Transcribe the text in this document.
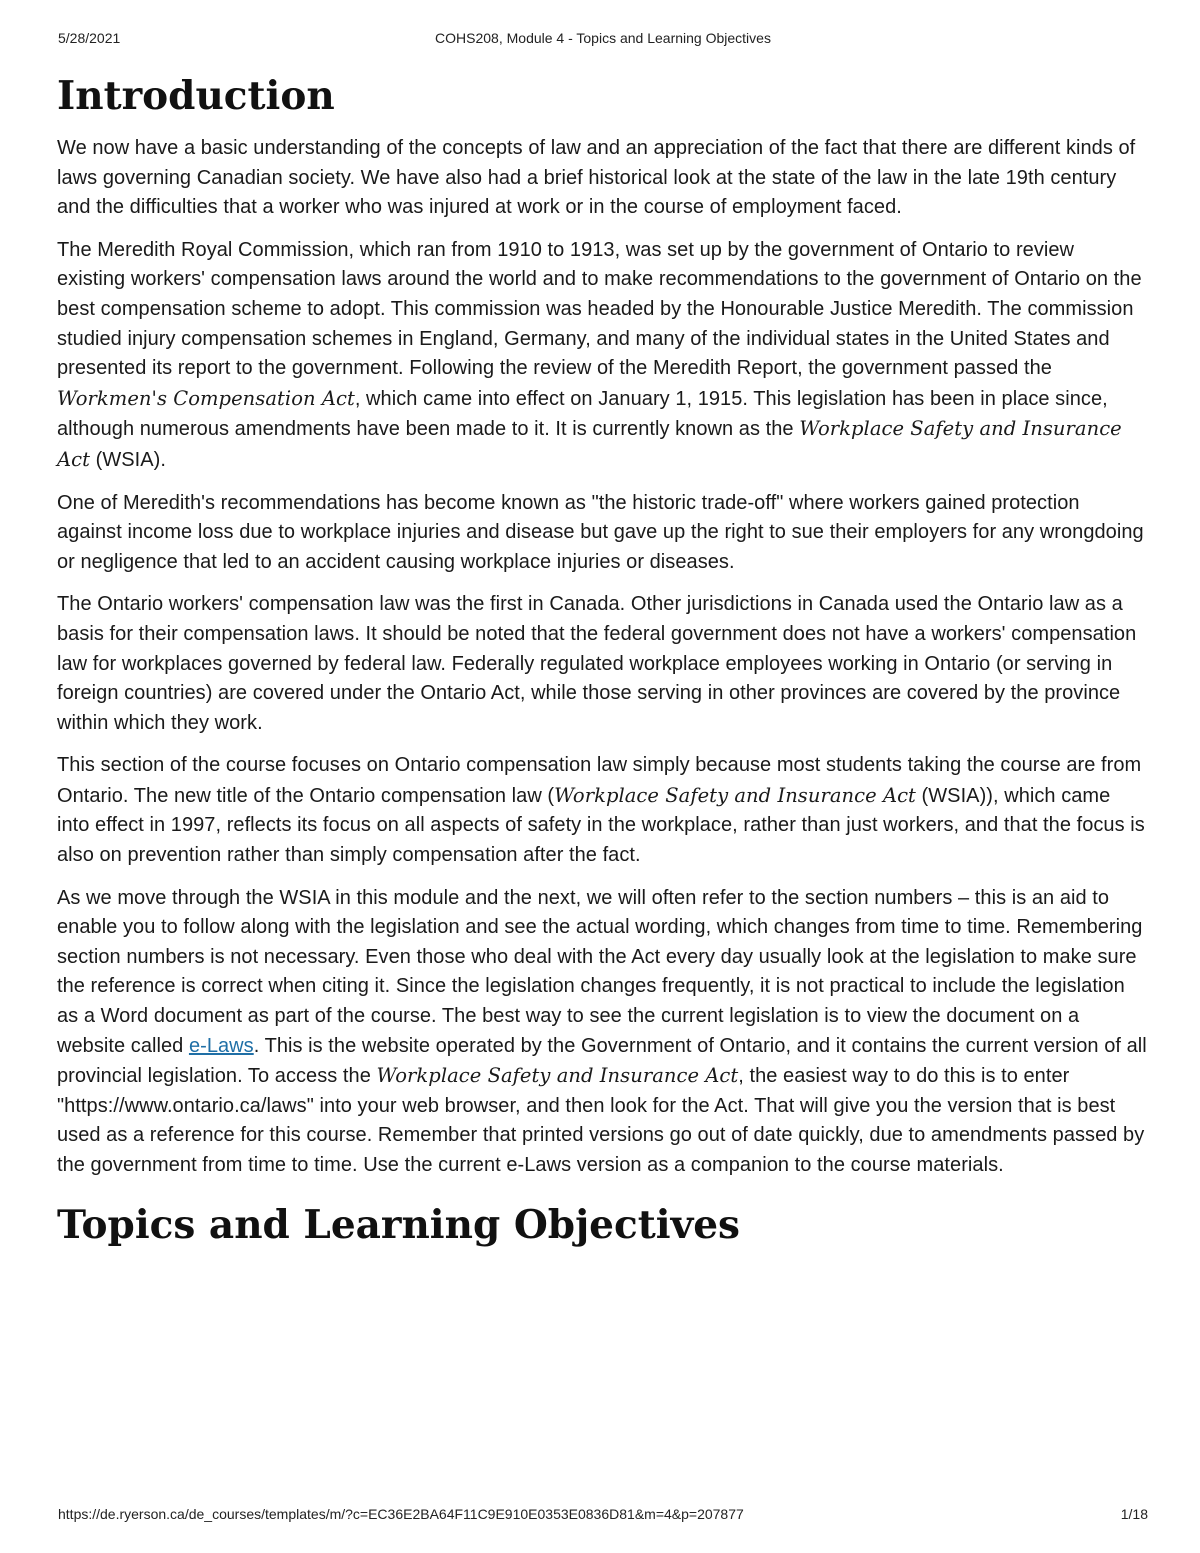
5/28/2021	COHS208, Module 4 - Topics and Learning Objectives
Introduction

We now have a basic understanding of the concepts of law and an appreciation of the fact that there are different kinds of laws governing Canadian society. We have also had a brief historical look at the state of the law in the late 19th century and the difficulties that a worker who was injured at work or in the course of employment faced.

The Meredith Royal Commission, which ran from 1910 to 1913, was set up by the government of Ontario to review existing workers' compensation laws around the world and to make recommendations to the government of Ontario on the best compensation scheme to adopt. This commission was headed by the Honourable Justice Meredith. The commission studied injury compensation schemes in England, Germany, and many of the individual states in the United States and presented its report to the government. Following the review of the Meredith Report, the government passed the Workmen's Compensation Act, which came into effect on January 1, 1915. This legislation has been in place since, although numerous amendments have been made to it. It is currently known as the Workplace Safety and Insurance Act (WSIA).

One of Meredith's recommendations has become known as "the historic trade-off" where workers gained protection against income loss due to workplace injuries and disease but gave up the right to sue their employers for any wrongdoing or negligence that led to an accident causing workplace injuries or diseases.

The Ontario workers' compensation law was the first in Canada. Other jurisdictions in Canada used the Ontario law as a basis for their compensation laws. It should be noted that the federal government does not have a workers' compensation law for workplaces governed by federal law. Federally regulated workplace employees working in Ontario (or serving in foreign countries) are covered under the Ontario Act, while those serving in other provinces are covered by the province within which they work.

This section of the course focuses on Ontario compensation law simply because most students taking the course are from Ontario. The new title of the Ontario compensation law (Workplace Safety and Insurance Act (WSIA)), which came into effect in 1997, reflects its focus on all aspects of safety in the workplace, rather than just workers, and that the focus is also on prevention rather than simply compensation after the fact.

As we move through the WSIA in this module and the next, we will often refer to the section numbers – this is an aid to enable you to follow along with the legislation and see the actual wording, which changes from time to time. Remembering section numbers is not necessary. Even those who deal with the Act every day usually look at the legislation to make sure the reference is correct when citing it. Since the legislation changes frequently, it is not practical to include the legislation as a Word document as part of the course. The best way to see the current legislation is to view the document on a website called e-Laws. This is the website operated by the Government of Ontario, and it contains the current version of all provincial legislation. To access the Workplace Safety and Insurance Act, the easiest way to do this is to enter "https://www.ontario.ca/laws" into your web browser, and then look for the Act. That will give you the version that is best used as a reference for this course. Remember that printed versions go out of date quickly, due to amendments passed by the government from time to time. Use the current e-Laws version as a companion to the course materials.

Topics and Learning Objectives
https://de.ryerson.ca/de_courses/templates/m/?c=EC36E2BA64F11C9E910E0353E0836D81&m=4&p=207877	1/18
